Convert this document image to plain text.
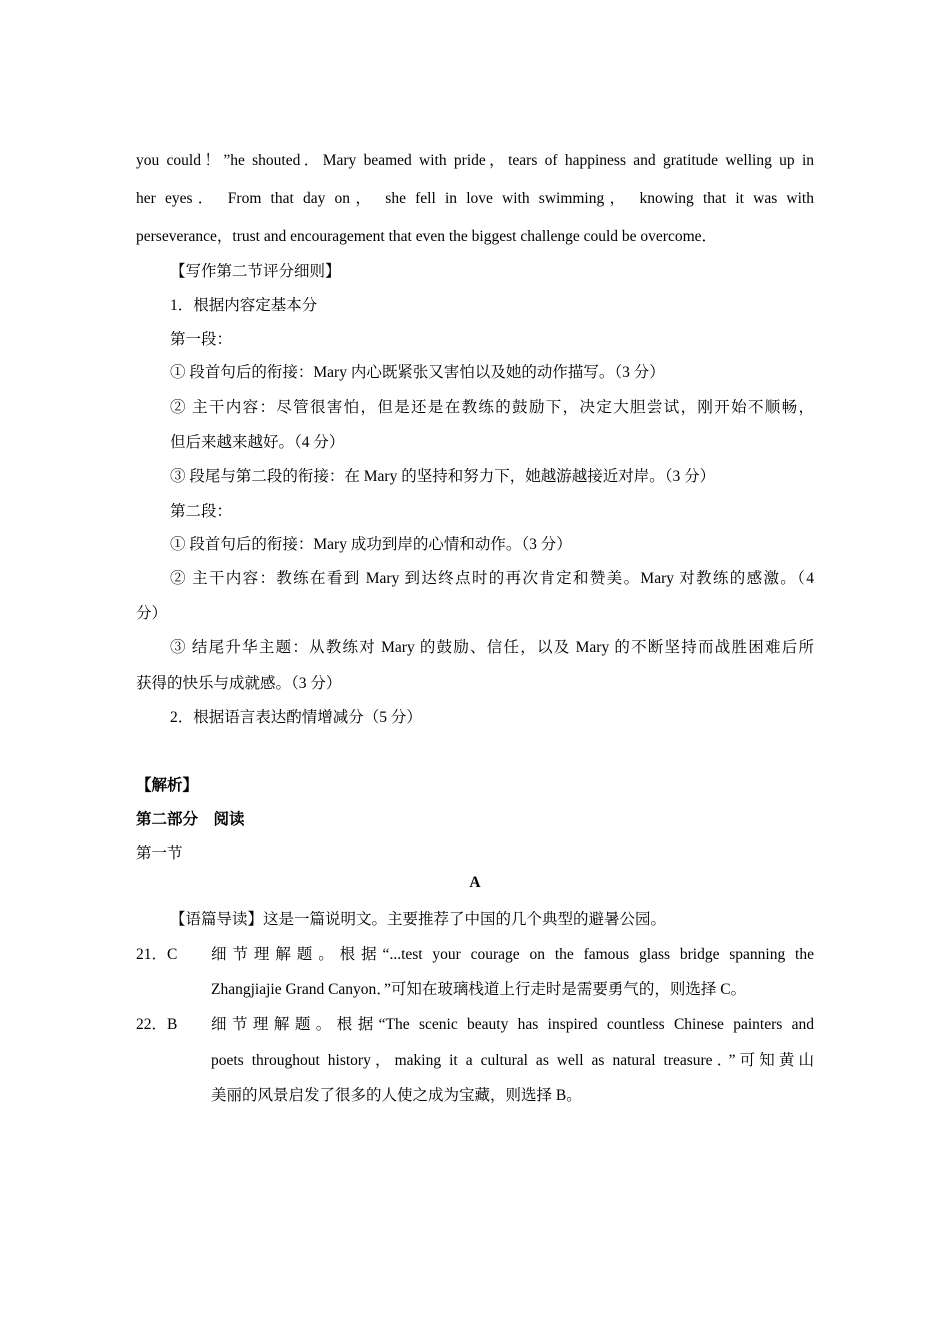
you could！”he shouted．Mary beamed with pride，tears of happiness and gratitude welling up in

her eyes． From that day on， she fell in love with swimming， knowing that it was with

perseverance，trust and encouragement that even the biggest challenge could be overcome．

【写作第二节评分细则】

1．根据内容定基本分

第一段：

① 段首句后的衔接：Mary 内心既紧张又害怕以及她的动作描写。（3 分）

② 主干内容：尽管很害怕，但是还是在教练的鼓励下，决定大胆尝试，刚开始不顺畅，

但后来越来越好。（4 分）

③ 段尾与第二段的衔接：在 Mary 的坚持和努力下，她越游越接近对岸。（3 分）

第二段：

① 段首句后的衔接：Mary 成功到岸的心情和动作。（3 分）

② 主干内容：教练在看到 Mary 到达终点时的再次肯定和赞美。Mary 对教练的感激。（4

分）

③ 结尾升华主题：从教练对 Mary 的鼓励、信任，以及 Mary 的不断坚持而战胜困难后所

获得的快乐与成就感。（3 分）

2．根据语言表达酌情增减分（5 分）

【解析】

第二部分　阅读

第一节

A

【语篇导读】这是一篇说明文。主要推荐了中国的几个典型的避暑公园。

21．C 细节理解题。根据“...test your courage on the famous glass bridge spanning the
Zhangjiajie Grand Canyon．”可知在玻璃栈道上行走时是需要勇气的，则选择 C。
22．B 细节理解题。根据“The scenic beauty has inspired countless Chinese painters and
poets throughout history，making it a cultural as well as natural treasure．”可知黄山
美丽的风景启发了很多的人使之成为宝藏，则选择 B。
